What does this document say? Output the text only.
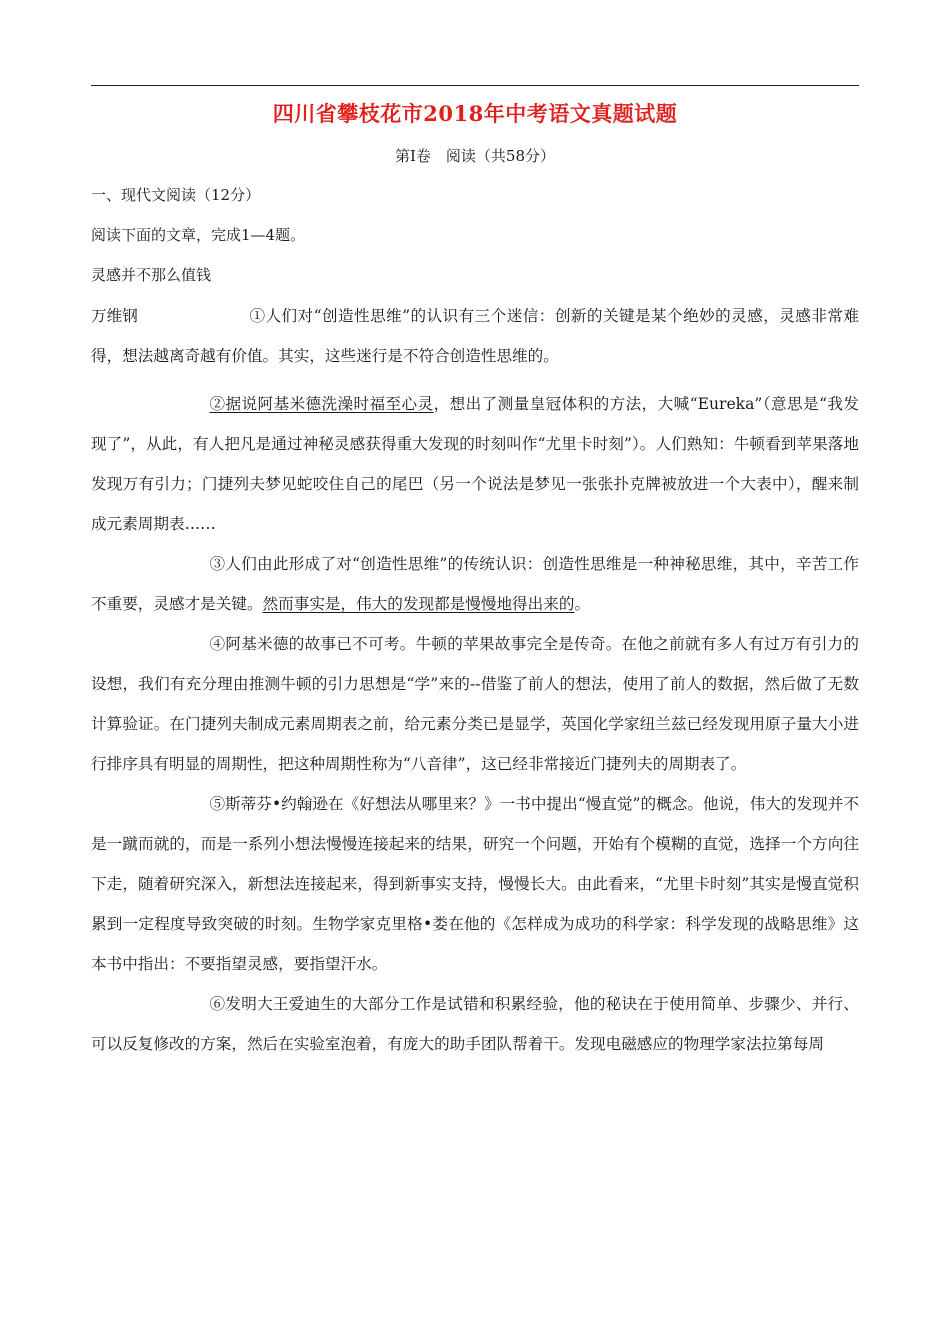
四川省攀枝花市2018年中考语文真题试题
第Ⅰ卷　阅读（共58分）
一、现代文阅读（12分）
阅读下面的文章，完成1—4题。
灵感并不那么值钱
万维钢	①人们对“创造性思维”的认识有三个迷信：创新的关键是某个绝妙的灵感，灵感非常难得，想法越离奇越有价值。其实，这些迷行是不符合创造性思维的。

②据说阿基米德洗澡时福至心灵，想出了测量皇冠体积的方法，大喊“Eureka”（意思是“我发现了”，从此，有人把凡是通过神秘灵感获得重大发现的时刻叫作“尤里卡时刻”）。人们熟知：牛顿看到苹果落地发现万有引力；门捷列夫梦见蛇咬住自己的尾巴（另一个说法是梦见一张张扑克牌被放进一个大表中），醒来制成元素周期表……

③人们由此形成了对“创造性思维”的传统认识：创造性思维是一种神秘思维，其中，辛苦工作不重要，灵感才是关键。然而事实是，伟大的发现都是慢慢地得出来的。

④阿基米德的故事已不可考。牛顿的苹果故事完全是传奇。在他之前就有多人有过万有引力的设想，我们有充分理由推测牛顿的引力思想是“学”来的--借鉴了前人的想法，使用了前人的数据，然后做了无数计算验证。在门捷列夫制成元素周期表之前，给元素分类已是显学，英国化学家纽兰兹已经发现用原子量大小进行排序具有明显的周期性，把这种周期性称为“八音律”，这已经非常接近门捷列夫的周期表了。

⑤斯蒂芬•约翰逊在《好想法从哪里来？》一书中提出“慢直觉”的概念。他说，伟大的发现并不是一蹴而就的，而是一系列小想法慢慢连接起来的结果，研究一个问题，开始有个模糊的直觉，选择一个方向往下走，随着研究深入，新想法连接起来，得到新事实支持，慢慢长大。由此看来，“尤里卡时刻”其实是慢直觉积累到一定程度导致突破的时刻。生物学家克里格•娄在他的《怎样成为成功的科学家：科学发现的战略思维》这本书中指出：不要指望灵感，要指望汗水。

⑥发明大王爱迪生的大部分工作是试错和积累经验，他的秘诀在于使用简单、步骤少、并行、可以反复修改的方案，然后在实验室泡着，有庞大的助手团队帮着干。发现电磁感应的物理学家法拉第每周
